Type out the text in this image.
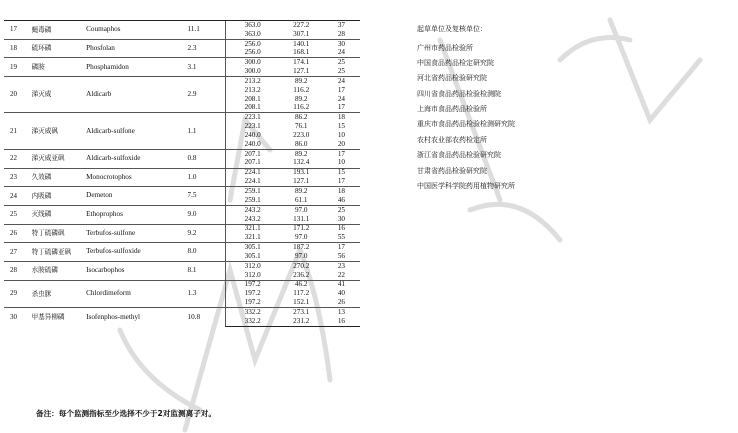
17	蝇毒磷	Coumaphos	11.1	363.0	227.2	37
				363.0	307.1	28
18	硫环磷	Phosfolan	2.3	256.0	140.1	30
				256.0	168.1	24
19	磷胺	Phosphamidon	3.1	300.0	174.1	25
				300.0	127.1	25
20	涕灭威	Aldicarb	2.9	213.2	89.2	24
				213.2	116.2	17
				208.1	89.2	24
				208.1	116.2	17
21	涕灭威砜	Aldicarb-sulfone	1.1	223.1	86.2	18
				223.1	76.1	15
				240.0	223.0	10
				240.0	86.0	20
22	涕灭威亚砜	Aldicarb-sulfoxide	0.8	207.1	89.2	17
				207.1	132.4	10
23	久效磷	Monocrotophos	1.0	224.1	193.1	15
				224.1	127.1	17
24	内吸磷	Demeton	7.5	259.1	89.2	18
				259.1	61.1	46
25	灭线磷	Ethoprophos	9.0	243.2	97.0	25
				243.2	131.1	30
26	特丁硫磷砜	Terbufos-sulfone	9.2	321.1	171.2	16
				321.1	97.0	55
27	特丁硫磷亚砜	Terbufos-sulfoxide	8.0	305.1	187.2	17
				305.1	97.0	56
28	水胺硫磷	Isocarbophos	8.1	312.0	270.2	23
				312.0	236.2	22
29	杀虫脒	Chlordimeform	1.3	197.2	46.2	41
				197.2	117.2	40
				197.2	152.1	26
30	甲基异柳磷	Isofenphos-methyl	10.8	332.2	273.1	13
				332.2	231.2	16
备注：每个监测指标至少选择不少于2对监测离子对。
起草单位及复核单位：
广州市药品检验所
中国食品药品检定研究院
河北省药品检验研究院
四川省食品药品检验检测院
上海市食品药品检验所
重庆市食品药品检验检测研究院
农村农业部农药检定所
浙江省食品药品检验研究院
甘肃省药品检验研究院
中国医学科学院药用植物研究所
